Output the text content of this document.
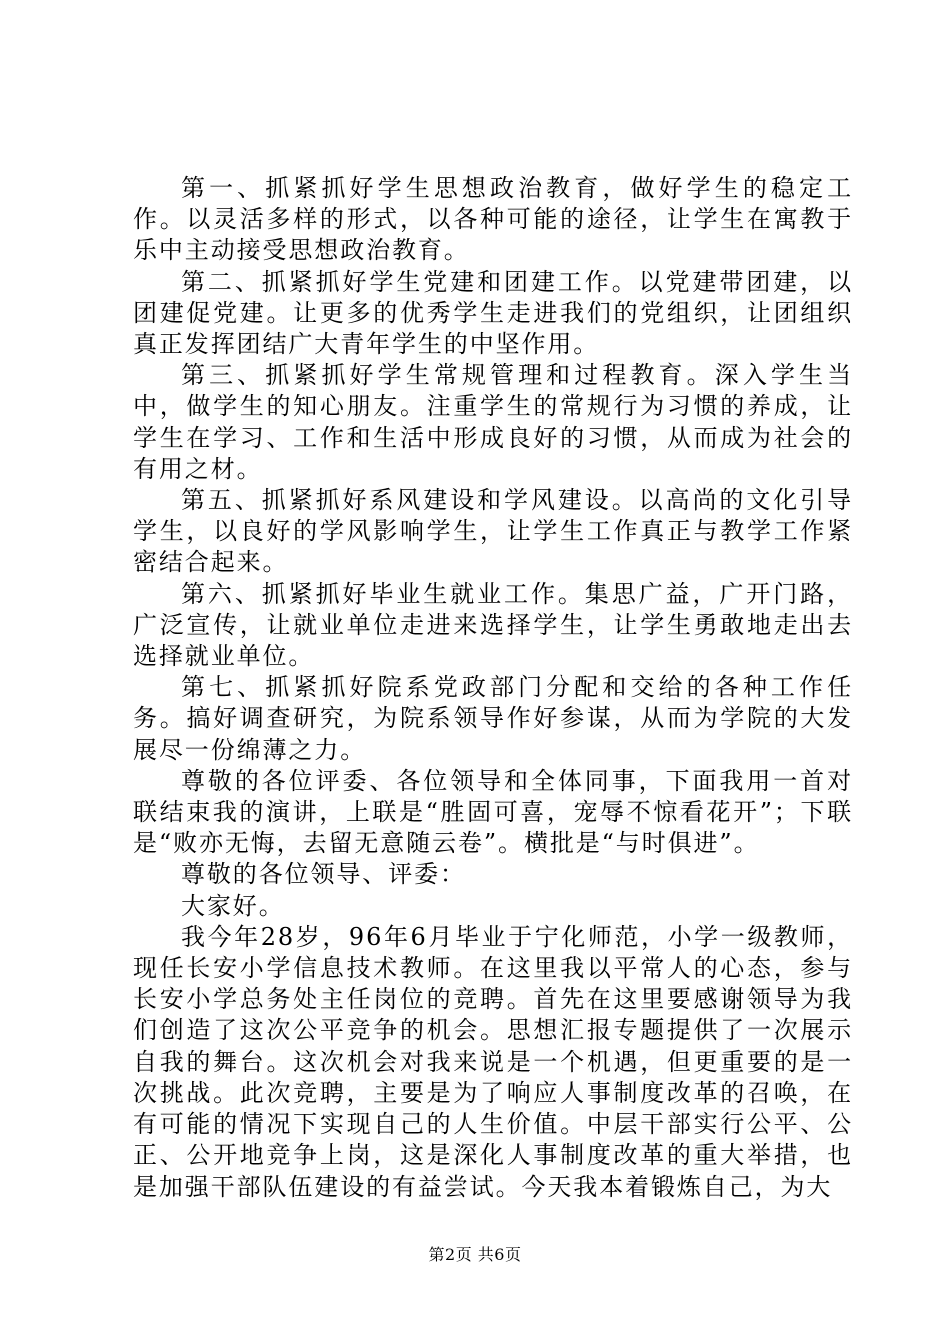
第一、抓紧抓好学生思想政治教育，做好学生的稳定工作。以灵活多样的形式，以各种可能的途径，让学生在寓教于乐中主动接受思想政治教育。

第二、抓紧抓好学生党建和团建工作。以党建带团建，以团建促党建。让更多的优秀学生走进我们的党组织，让团组织真正发挥团结广大青年学生的中坚作用。

第三、抓紧抓好学生常规管理和过程教育。深入学生当中，做学生的知心朋友。注重学生的常规行为习惯的养成，让学生在学习、工作和生活中形成良好的习惯，从而成为社会的有用之材。

第五、抓紧抓好系风建设和学风建设。以高尚的文化引导学生，以良好的学风影响学生，让学生工作真正与教学工作紧密结合起来。

第六、抓紧抓好毕业生就业工作。集思广益，广开门路，广泛宣传，让就业单位走进来选择学生，让学生勇敢地走出去选择就业单位。

第七、抓紧抓好院系党政部门分配和交给的各种工作任务。搞好调查研究，为院系领导作好参谋，从而为学院的大发展尽一份绵薄之力。

尊敬的各位评委、各位领导和全体同事，下面我用一首对联结束我的演讲，上联是“胜固可喜，宠辱不惊看花开”；下联是“败亦无悔，去留无意随云卷”。横批是“与时俱进”。

尊敬的各位领导、评委：

大家好。

我今年28岁，96年6月毕业于宁化师范，小学一级教师，现任长安小学信息技术教师。在这里我以平常人的心态，参与长安小学总务处主任岗位的竞聘。首先在这里要感谢领导为我们创造了这次公平竞争的机会。思想汇报专题提供了一次展示自我的舞台。这次机会对我来说是一个机遇，但更重要的是一次挑战。此次竞聘，主要是为了响应人事制度改革的召唤，在有可能的情况下实现自己的人生价值。中层干部实行公平、公正、公开地竞争上岗，这是深化人事制度改革的重大举措，也是加强干部队伍建设的有益尝试。今天我本着锻炼自己，为大

第2页 共6页
